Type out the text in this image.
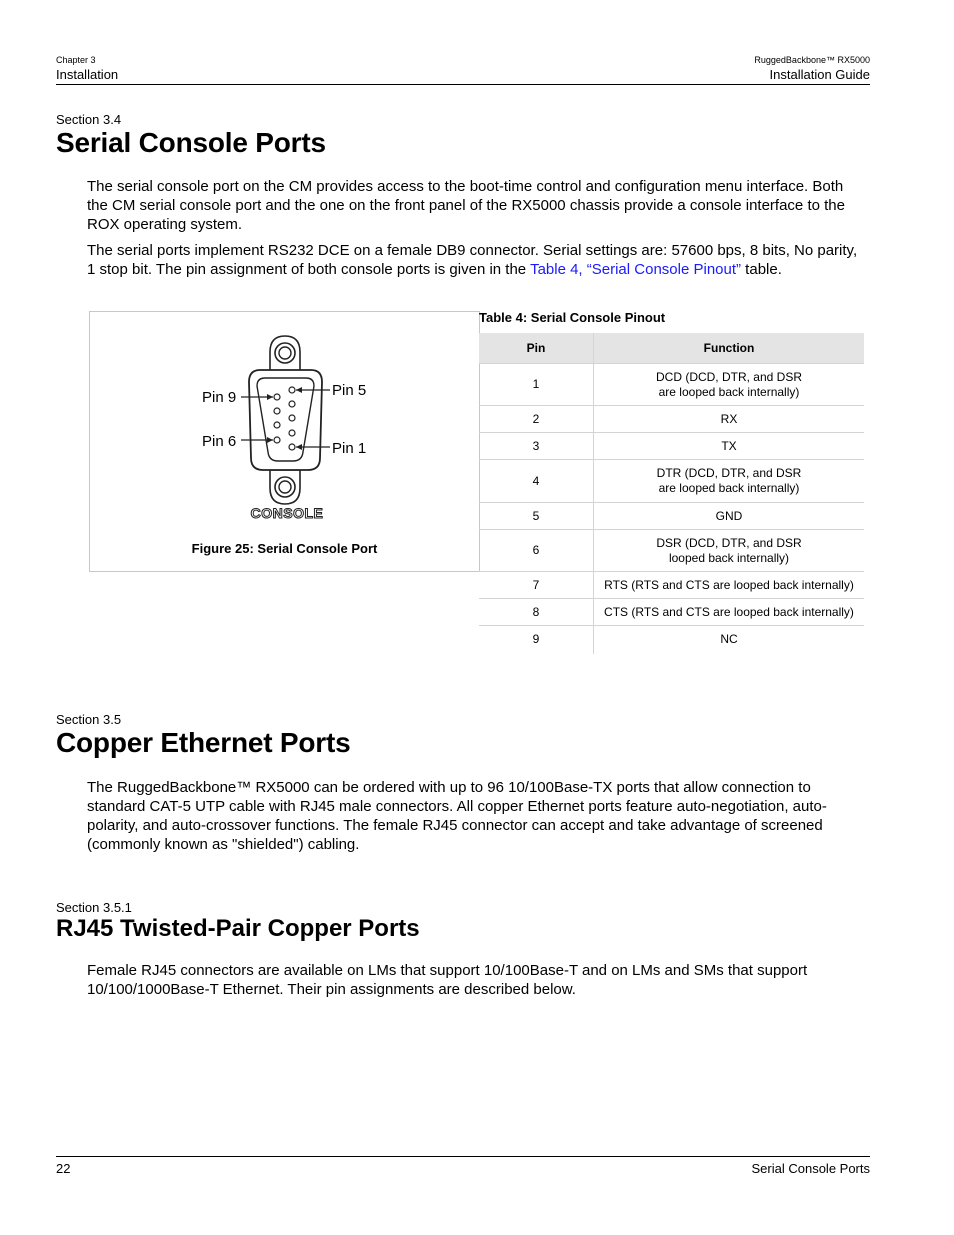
Chapter 3
Installation
RuggedBackbone™ RX5000
Installation Guide
Section 3.4
Serial Console Ports

The serial console port on the CM provides access to the boot-time control and configuration menu interface. Both the CM serial console port and the one on the front panel of the RX5000 chassis provide a console interface to the ROX operating system.

The serial ports implement RS232 DCE on a female DB9 connector. Serial settings are: 57600 bps, 8 bits, No parity, 1 stop bit. The pin assignment of both console ports is given in the Table 4, “Serial Console Pinout” table.

Pin 9
Pin 6
Pin 5
Pin 1
CONSOLE
Figure 25: Serial Console Port
Table 4: Serial Console Pinout
Pin	Function
1	DCD (DCD, DTR, and DSR
are looped back internally)

2	RX
3	TX
4	DTR (DCD, DTR, and DSR
are looped back internally)

5	GND
6	DSR (DCD, DTR, and DSR
looped back internally)

7	RTS (RTS and CTS are looped back internally)
8	CTS (RTS and CTS are looped back internally)
9	NC
Section 3.5
Copper Ethernet Ports

The RuggedBackbone™ RX5000 can be ordered with up to 96 10/100Base-TX ports that allow connection to standard CAT-5 UTP cable with RJ45 male connectors. All copper Ethernet ports feature auto-negotiation, auto-polarity, and auto-crossover functions. The female RJ45 connector can accept and take advantage of screened (commonly known as "shielded") cabling.

Section 3.5.1
RJ45 Twisted-Pair Copper Ports

Female RJ45 connectors are available on LMs that support 10/100Base-T and on LMs and SMs that support 10/100/1000Base-T Ethernet. Their pin assignments are described below.

22	Serial Console Ports
